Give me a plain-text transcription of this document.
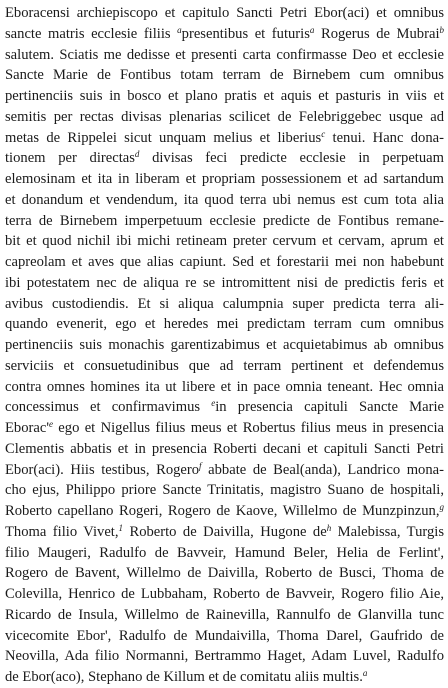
Eboracensi archiepiscopo et capitulo Sancti Petri Ebor(aci) et omnibus
sancte matris ecclesie filiis $^a$presentibus et futuris$^a$ Rogerus de Mubrai$^b$
salutem. Sciatis me dedisse et presenti carta confirmasse Deo et ecclesie
Sancte Marie de Fontibus totam terram de Birnebem cum omnibus
pertinenciis suis in bosco et plano pratis et aquis et pasturis in viis et
semitis per rectas divisas plenarias scilicet de Felebriggebec usque ad
metas de Rippelei sicut unquam melius et liberius$^c$ tenui. Hanc dona-
tionem per directas$^d$ divisas feci predicte ecclesie in perpetuam
elemosinam et ita in liberam et propriam possessionem et ad sartandum
et donandum et vendendum, ita quod terra ubi nemus est cum tota alia
terra de Birnebem imperpetuum ecclesie predicte de Fontibus remane-
bit et quod nichil ibi michi retineam preter cervum et cervam, aprum et
capreolam et aves que alias capiunt. Sed et forestarii mei non habebunt
ibi potestatem nec de aliqua re se intromittent nisi de predictis feris et
avibus custodiendis. Et si aliqua calumpnia super predicta terra ali-
quando evenerit, ego et heredes mei predictam terram cum omnibus
pertinenciis suis monachis garentizabimus et acquietabimus ab omnibus
serviciis et consuetudinibus que ad terram pertinent et defendemus
contra omnes homines ita ut libere et in pace omnia teneant. Hec omnia
concessimus et confirmavimus $^e$in presencia capituli Sancte Marie
$Eborac'^e$ ego et Nigellus filius meus et Robertus filius meus in presencia
Clementis abbatis et in presencia Roberti decani et capituli Sancti Petri
Ebor(aci). Hiis testibus, Rogero$^f$ abbate de Beal(anda), Landrico mona-
cho ejus, Philippo priore Sancte Trinitatis, magistro Suano de hospitali,
Roberto capellano Rogeri, Rogero de Kaove, Willelmo de Munzpinzun,$^g$
Thoma filio Vivet,$^1$ Roberto de Daivilla, Hugone $de^h$ Malebissa, Turgis
filio Maugeri, Radulfo de Bavveir, Hamund Beler, Helia de Ferlint',
Rogero de Bavent, Willelmo de Daivilla, Roberto de Busci, Thoma de
Colevilla, Henrico de Lubbaham, Roberto de Bavveir, Rogero filio Aie,
Ricardo de Insula, Willelmo de Rainevilla, Rannulfo de Glanvilla tunc
vicecomite Ebor', Radulfo de Mundaivilla, Thoma Darel, Gaufrido de
Neovilla, Ada filio Normanni, Bertrammo Haget, Adam Luvel, Radulfo
de Ebor(aco), Stephano de Killum et de comitatu aliis multis.$^a$
